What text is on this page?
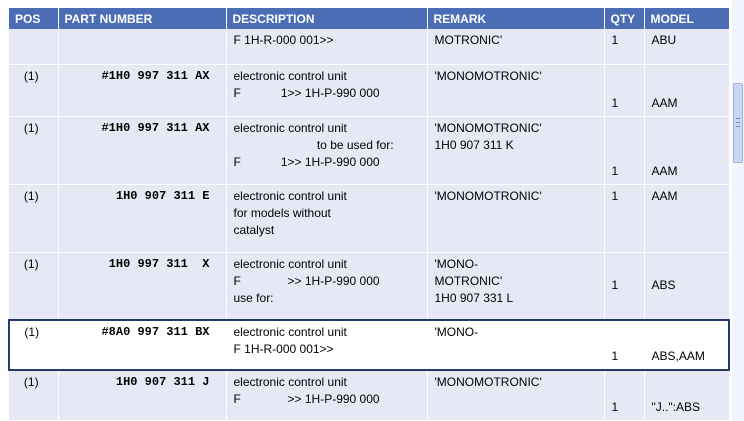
POS	PART NUMBER	DESCRIPTION	REMARK	QTY	MODEL
		F 1H-R-000 001>>	MOTRONIC'	1	ABU
(1)	#1H0 997 311 AX	electronic control unit
F            1>> 1H-P-990 000	'MONOMOTRONIC'	1	AAM
(1)	#1H0 997 311 AX	electronic control unit
to be used for:
F            1>> 1H-P-990 000	'MONOMOTRONIC'
1H0 907 311 K	1	AAM
(1)	1H0 907 311 E	electronic control unit
for models without
catalyst	'MONOMOTRONIC'	1	AAM
(1)	1H0 997 311  X	electronic control unit
F              >> 1H-P-990 000
use for:	'MONO-
MOTRONIC'
1H0 907 331 L	1	ABS
(1)	#8A0 997 311 BX	electronic control unit
F 1H-R-000 001>>	'MONO-	1	ABS,AAM
(1)	1H0 907 311 J	electronic control unit
F              >> 1H-P-990 000	'MONOMOTRONIC'	1	"J..":ABS
